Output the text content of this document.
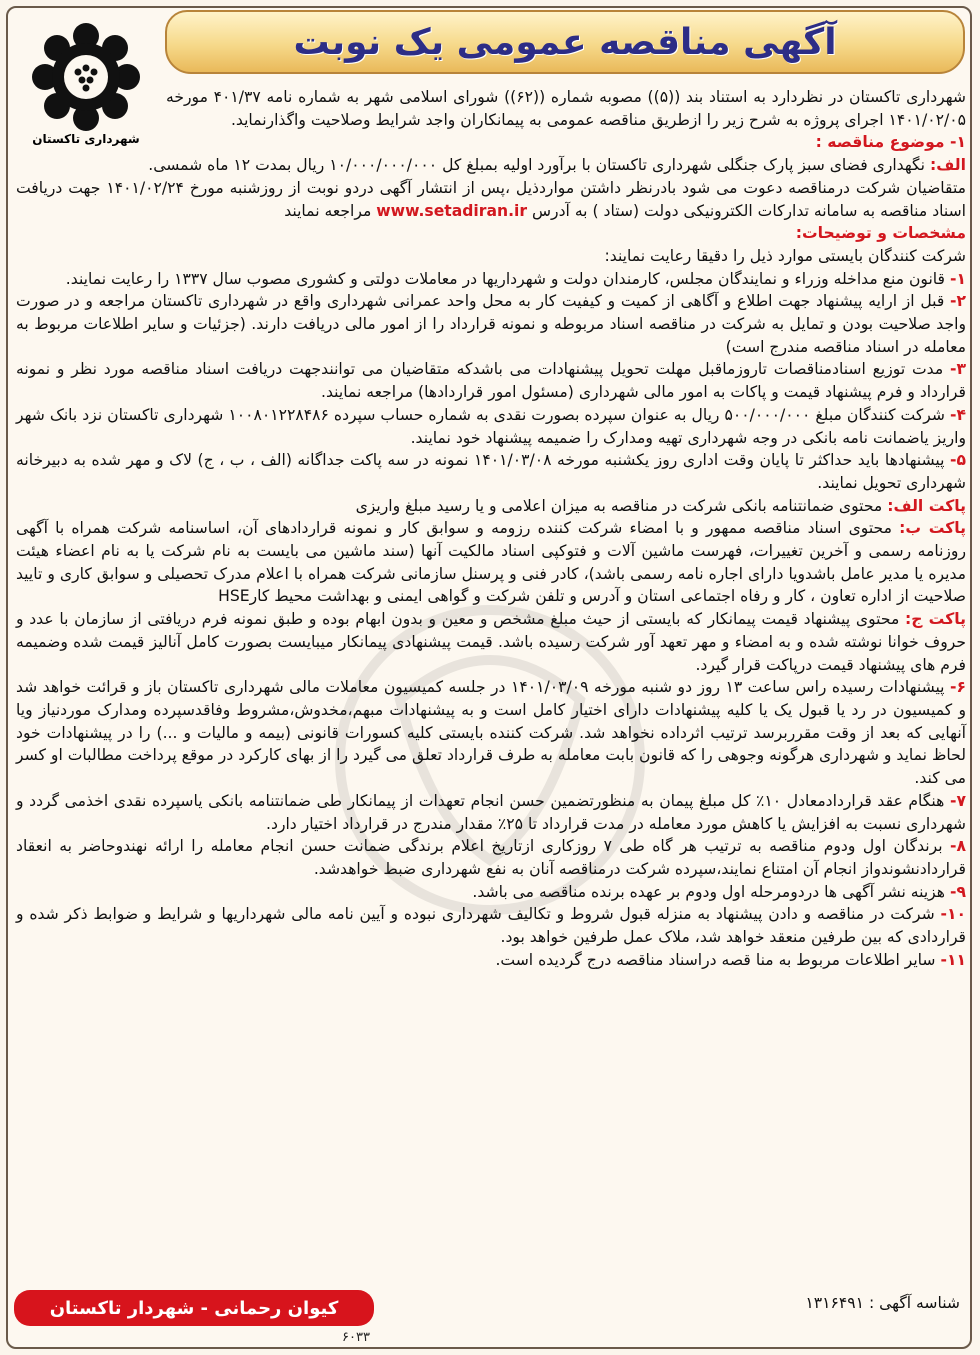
آگهی مناقصه عمومی یک نوبت
شهرداری تاکستان

شهرداری تاکستان در نظردارد به استناد بند ((۵)) مصوبه شماره ((۶۲)) شورای اسلامی شهر به شماره نامه ۴۰۱/۳۷ مورخه ۱۴۰۱/۰۲/۰۵ اجرای پروژه به شرح زیر را ازطریق مناقصه عمومی به پیمانکاران واجد شرایط وصلاحیت واگذارنماید.

۱- موضوع مناقصه :

الف: نگهداری فضای سبز پارک جنگلی شهرداری تاکستان با برآورد اولیه بمبلغ کل ۱۰/۰۰۰/۰۰۰/۰۰۰ ریال بمدت ۱۲ ماه شمسی.

متقاضیان شرکت درمناقصه دعوت می شود بادرنظر داشتن مواردذیل ،پس از انتشار آگهی دردو نوبت از روزشنبه مورخ ۱۴۰۱/۰۲/۲۴ جهت دریافت اسناد مناقصه به سامانه تدارکات الکترونیکی دولت (ستاد ) به آدرس www.setadiran.ir مراجعه نمایند

مشخصات و توضیحات:

شرکت کنندگان بایستی موارد ذیل را دقیقا رعایت نمایند:

۱- قانون منع مداخله وزراء و نمایندگان مجلس، کارمندان دولت و شهرداریها در معاملات دولتی و کشوری مصوب سال ۱۳۳۷ را رعایت نمایند.

۲- قبل از ارایه پیشنهاد جهت اطلاع و آگاهی از کمیت و کیفیت کار به محل واحد عمرانی شهرداری واقع در شهرداری تاکستان مراجعه و در صورت واجد صلاحیت بودن و تمایل به شرکت در مناقصه اسناد مربوطه و نمونه قرارداد را از امور مالی دریافت دارند. (جزئیات و سایر اطلاعات مربوط به معامله در اسناد مناقصه مندرج است)

۳- مدت توزیع اسنادمناقصات تاروزماقبل مهلت تحویل پیشنهادات می باشدکه متقاضیان می توانندجهت دریافت اسناد مناقصه مورد نظر و نمونه قرارداد و فرم پیشنهاد قیمت و پاکات به امور مالی شهرداری (مسئول امور قراردادها) مراجعه نمایند.

۴- شرکت کنندگان مبلغ ۵۰۰/۰۰۰/۰۰۰ ریال به عنوان سپرده بصورت نقدی به شماره حساب سپرده ۱۰۰۸۰۱۲۲۸۴۸۶ شهرداری تاکستان نزد بانک شهر واریز یاضمانت نامه بانکی در وجه شهرداری تهیه ومدارک را ضمیمه پیشنهاد خود نمایند.

۵- پیشنهادها باید حداکثر تا پایان وقت اداری روز یکشنبه مورخه ۱۴۰۱/۰۳/۰۸ نمونه در سه پاکت جداگانه (الف ، ب ، ج) لاک و مهر شده به دبیرخانه شهرداری تحویل نمایند.

پاکت الف: محتوی ضمانتنامه بانکی شرکت در مناقصه به میزان اعلامی و یا رسید مبلغ واریزی

پاکت ب: محتوی اسناد مناقصه ممهور و با امضاء شرکت کننده رزومه و سوابق کار و نمونه قراردادهای آن، اساسنامه شرکت همراه با آگهی روزنامه رسمی و آخرین تغییرات، فهرست ماشین آلات و فتوکپی اسناد مالکیت آنها (سند ماشین می بایست به نام شرکت یا به نام اعضاء هیئت مدیره یا مدیر عامل باشدویا دارای اجاره نامه رسمی باشد)، کادر فنی و پرسنل سازمانی شرکت همراه با اعلام مدرک تحصیلی و سوابق کاری و تایید صلاحیت از اداره تعاون ، کار و رفاه اجتماعی استان و آدرس و تلفن شرکت و گواهی ایمنی و بهداشت محیط کارHSE

پاکت ج: محتوی پیشنهاد قیمت پیمانکار که بایستی از حیث مبلغ مشخص و معین و بدون ابهام بوده و طبق نمونه فرم دریافتی از سازمان با عدد و حروف خوانا نوشته شده و به امضاء و مهر تعهد آور شرکت رسیده باشد. قیمت پیشنهادی پیمانکار میبایست بصورت کامل آنالیز قیمت شده وضمیمه فرم های پیشنهاد قیمت درپاکت قرار گیرد.

۶- پیشنهادات رسیده راس ساعت ۱۳ روز دو شنبه مورخه ۱۴۰۱/۰۳/۰۹ در جلسه کمیسیون معاملات مالی شهرداری تاکستان باز و قرائت خواهد شد و کمیسیون در رد یا قبول یک یا کلیه پیشنهادات دارای اختیار کامل است و به پیشنهادات مبهم،مخدوش،مشروط وفاقدسپرده ومدارک موردنیاز ویا آنهایی که بعد از وقت مقرربرسد ترتیب اثرداده نخواهد شد. شرکت کننده بایستی کلیه کسورات قانونی (بیمه و مالیات و ...) را در پیشنهادات خود لحاظ نماید و شهرداری هرگونه وجوهی را که قانون بابت معامله به طرف قرارداد تعلق می گیرد را از بهای کارکرد در موقع پرداخت مطالبات او کسر می کند.

۷- هنگام عقد قراردادمعادل ۱۰٪ کل مبلغ پیمان به منظورتضمین حسن انجام تعهدات از پیمانکار طی ضمانتنامه بانکی یاسپرده نقدی اخذمی گردد و شهرداری نسبت به افزایش یا کاهش مورد معامله در مدت قرارداد تا ۲۵٪ مقدار مندرج در قرارداد اختیار دارد.

۸- برندگان اول ودوم مناقصه به ترتیب هر گاه طی ۷ روزکاری ازتاریخ اعلام برندگی ضمانت حسن انجام معامله را ارائه نهندوحاضر به انعقاد قراردادنشوندواز انجام آن امتناع نمایند،سپرده شرکت درمناقصه آنان به نفع شهرداری ضبط خواهدشد.

۹- هزینه نشر آگهی ها دردومرحله اول ودوم بر عهده برنده مناقصه می باشد.

۱۰- شرکت در مناقصه و دادن پیشنهاد به منزله قبول شروط و تکالیف شهرداری نبوده و آیین نامه مالی شهرداریها و شرایط و ضوابط ذکر شده و قراردادی که بین طرفین منعقد خواهد شد، ملاک عمل طرفین خواهد بود.

۱۱- سایر اطلاعات مربوط به منا قصه دراسناد مناقصه درج گردیده است.

شناسه آگهی : ۱۳۱۶۴۹۱
کیوان رحمانی - شهردار تاکستان
۶۰۳۳
